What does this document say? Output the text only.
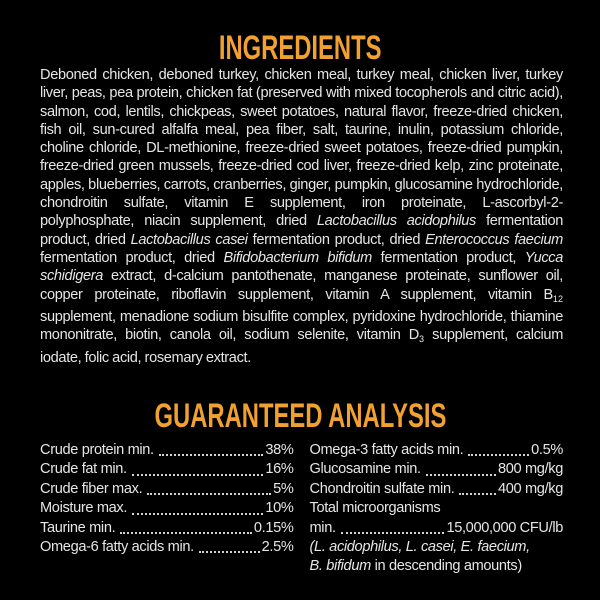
INGREDIENTS

Deboned chicken, deboned turkey, chicken meal, turkey meal, chicken liver, turkey liver, peas, pea protein, chicken fat (preserved with mixed tocopherols and citric acid), salmon, cod, lentils, chickpeas, sweet potatoes, natural flavor, freeze-dried chicken, fish oil, sun-cured alfalfa meal, pea fiber, salt, taurine, inulin, potassium chloride, choline chloride, DL-methionine, freeze-dried sweet potatoes, freeze-dried pumpkin, freeze-dried green mussels, freeze-dried cod liver, freeze-dried kelp, zinc proteinate, apples, blueberries, carrots, cranberries, ginger, pumpkin, glucosamine hydrochloride, chondroitin sulfate, vitamin E supplement, iron proteinate, L-ascorbyl-2-polyphosphate, niacin supplement, dried Lactobacillus acidophilus fermentation product, dried Lactobacillus casei fermentation product, dried Enterococcus faecium fermentation product, dried Bifidobacterium bifidum fermentation product, Yucca schidigera extract, d-calcium pantothenate, manganese proteinate, sunflower oil, copper proteinate, riboflavin supplement, vitamin A supplement, vitamin $B_{12}$ supplement, menadione sodium bisulfite complex, pyridoxine hydrochloride, thiamine mononitrate, biotin, canola oil, sodium selenite, vitamin $D_3$ supplement, calcium iodate, folic acid, rosemary extract.

GUARANTEED ANALYSIS
Crude protein min.	38%
Crude fat min.	16%
Crude fiber max.	5%
Moisture max.	10%
Taurine min.	0.15%
Omega-6 fatty acids min.	2.5%
Omega-3 fatty acids min.	0.5%
Glucosamine min.	800 mg/kg
Chondroitin sulfate min.	400 mg/kg
Total microorganisms
min.	15,000,000 CFU/lb

(L. acidophilus, L. casei, E. faecium,

B. bifidum in descending amounts)
